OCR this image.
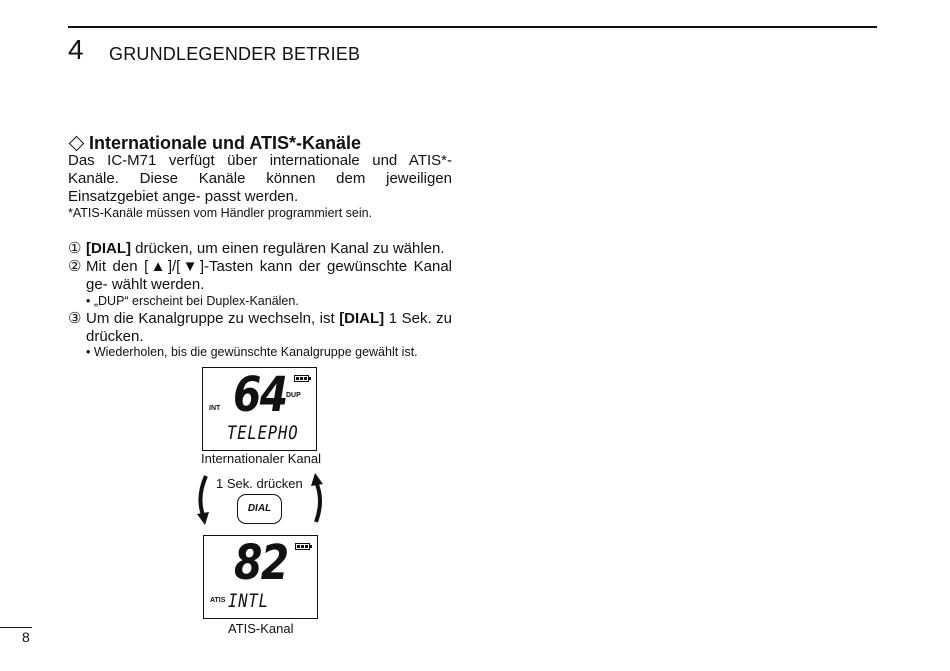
4 GRUNDLEGENDER BETRIEB
Internationale und ATIS*-Kanäle
Das IC-M71 verfügt über internationale und ATIS*-Kanäle. Diese Kanäle können dem jeweiligen Einsatzgebiet ange- passt werden.
*ATIS-Kanäle müssen vom Händler programmiert sein.
① [DIAL] drücken, um einen regulären Kanal zu wählen.
② Mit den [▲]/[▼]-Tasten kann der gewünschte Kanal ge- wählt werden.
• „DUP“ erscheint bei Duplex-Kanälen.
③ Um die Kanalgruppe zu wechseln, ist [DIAL] 1 Sek. zu drücken.
• Wiederholen, bis die gewünschte Kanalgruppe gewählt ist.
64
INT
DUP
TELEPHO
Internationaler Kanal
1 Sek. drücken
DIAL
82
ATIS INTL
ATIS-Kanal
8
